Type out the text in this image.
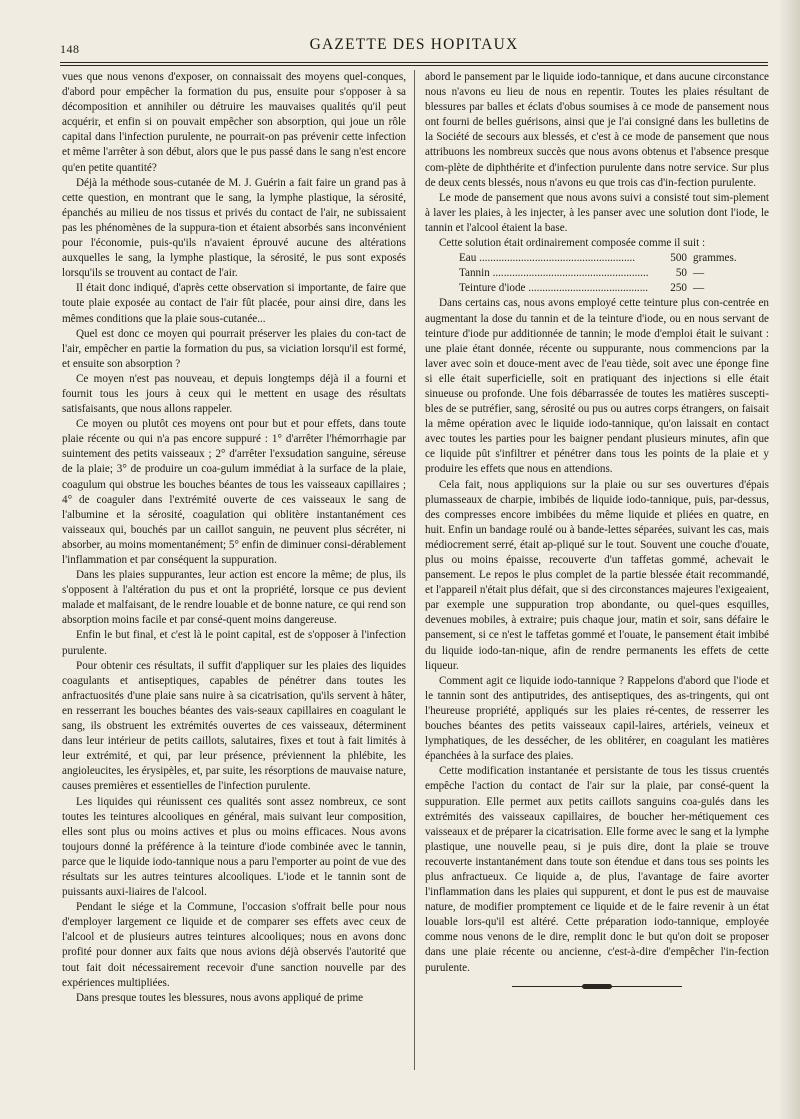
148	GAZETTE DES HOPITAUX

vues que nous venons d'exposer, on connaissait des moyens quel-conques, d'abord pour empêcher la formation du pus, ensuite pour s'opposer à sa décomposition et annihiler ou détruire les mauvaises qualités qu'il peut acquérir, et enfin si on pouvait empêcher son absorption, qui joue un rôle capital dans l'infection purulente, ne pourrait-on pas prévenir cette infection et même l'arrêter à son début, alors que le pus passé dans le sang n'est encore qu'en petite quantité?

Déjà la méthode sous-cutanée de M. J. Guérin a fait faire un grand pas à cette question, en montrant que le sang, la lymphe plastique, la sérosité, épanchés au milieu de nos tissus et privés du contact de l'air, ne subissaient pas les phénomènes de la suppura-tion et étaient absorbés sans inconvénient pour l'économie, puis-qu'ils n'avaient éprouvé aucune des altérations auxquelles le sang, la lymphe plastique, la sérosité, le pus sont exposés lorsqu'ils se trouvent au contact de l'air.

Il était donc indiqué, d'après cette observation si importante, de faire que toute plaie exposée au contact de l'air fût placée, pour ainsi dire, dans les mêmes conditions que la plaie sous-cutanée...

Quel est donc ce moyen qui pourrait préserver les plaies du con-tact de l'air, empêcher en partie la formation du pus, sa viciation lorsqu'il est formé, et ensuite son absorption ?

Ce moyen n'est pas nouveau, et depuis longtemps déjà il a fourni et fournit tous les jours à ceux qui le mettent en usage des résultats satisfaisants, que nous allons rappeler.

Ce moyen ou plutôt ces moyens ont pour but et pour effets, dans toute plaie récente ou qui n'a pas encore suppuré : 1° d'arrêter l'hémorrhagie par suintement des petits vaisseaux ; 2° d'arrêter l'exsudation sanguine, séreuse de la plaie; 3° de produire un coa-gulum immédiat à la surface de la plaie, coagulum qui obstrue les bouches béantes de tous les vaisseaux capillaires ; 4° de coaguler dans l'extrémité ouverte de ces vaisseaux le sang de l'albumine et la sérosité, coagulation qui oblitère instantanément ces vaisseaux qui, bouchés par un caillot sanguin, ne peuvent plus sécréter, ni absorber, au moins momentanément; 5° enfin de diminuer consi-dérablement l'inflammation et par conséquent la suppuration.

Dans les plaies suppurantes, leur action est encore la même; de plus, ils s'opposent à l'altération du pus et ont la propriété, lorsque ce pus devient malade et malfaisant, de le rendre louable et de bonne nature, ce qui rend son absorption moins facile et par consé-quent moins dangereuse.

Enfin le but final, et c'est là le point capital, est de s'opposer à l'infection purulente.

Pour obtenir ces résultats, il suffit d'appliquer sur les plaies des liquides coagulants et antiseptiques, capables de pénétrer dans toutes les anfractuosités d'une plaie sans nuire à sa cicatrisation, qu'ils servent à hâter, en resserrant les bouches béantes des vais-seaux capillaires en coagulant le sang, ils obstruent les extrémités ouvertes de ces vaisseaux, déterminent dans leur intérieur de petits caillots, salutaires, fixes et tout à fait limités à leur extrémité, et qui, par leur présence, préviennent la phlébite, les angioleucites, les érysipèles, et, par suite, les résorptions de mauvaise nature, causes premières et essentielles de l'infection purulente.

Les liquides qui réunissent ces qualités sont assez nombreux, ce sont toutes les teintures alcooliques en général, mais suivant leur composition, elles sont plus ou moins actives et plus ou moins efficaces. Nous avons toujours donné la préférence à la teinture d'iode combinée avec le tannin, parce que le liquide iodo-tannique nous a paru l'emporter au point de vue des résultats sur les autres teintures alcooliques. L'iode et le tannin sont de puissants auxi-liaires de l'alcool.

Pendant le siége et la Commune, l'occasion s'offrait belle pour nous d'employer largement ce liquide et de comparer ses effets avec ceux de l'alcool et de plusieurs autres teintures alcooliques; nous en avons donc profité pour donner aux faits que nous avions déjà observés l'autorité que tout fait doit nécessairement recevoir d'une sanction nouvelle par des expériences multipliées.

Dans presque toutes les blessures, nous avons appliqué de prime

abord le pansement par le liquide iodo-tannique, et dans aucune circonstance nous n'avons eu lieu de nous en repentir. Toutes les plaies résultant de blessures par balles et éclats d'obus soumises à ce mode de pansement nous ont fourni de belles guérisons, ainsi que je l'ai consigné dans les bulletins de la Société de secours aux blessés, et c'est à ce mode de pansement que nous attribuons les nombreux succès que nous avons obtenus et l'absence presque com-plète de diphthérite et d'infection purulente dans notre service. Sur plus de deux cents blessés, nous n'avons eu que trois cas d'in-fection purulente.

Le mode de pansement que nous avons suivi a consisté tout sim-plement à laver les plaies, à les injecter, à les panser avec une solution dont l'iode, le tannin et l'alcool étaient la base.

Cette solution était ordinairement composée comme il suit :

Eau .....	500 grammes.
Tannin .....	50 —
Teinture d'iode .....	250 —

Dans certains cas, nous avons employé cette teinture plus con-centrée en augmentant la dose du tannin et de la teinture d'iode, ou en nous servant de teinture d'iode pur additionnée de tannin; le mode d'emploi était le suivant : une plaie étant donnée, récente ou suppurante, nous commencions par la laver avec soin et douce-ment avec de l'eau tiède, soit avec une éponge fine si elle était superficielle, soit en pratiquant des injections si elle était sinueuse ou profonde. Une fois débarrassée de toutes les matières suscepti-bles de se putréfier, sang, sérosité ou pus ou autres corps étrangers, on faisait la même opération avec le liquide iodo-tannique, qu'on laissait en contact avec toutes les parties pour les baigner pendant plusieurs minutes, afin que ce liquide pût s'infiltrer et pénétrer dans tous les points de la plaie et y produire les effets que nous en attendions.

Cela fait, nous appliquions sur la plaie ou sur ses ouvertures d'épais plumasseaux de charpie, imbibés de liquide iodo-tannique, puis, par-dessus, des compresses encore imbibées du même liquide et pliées en quatre, en huit. Enfin un bandage roulé ou à bande-lettes séparées, suivant les cas, mais médiocrement serré, était ap-pliqué sur le tout. Souvent une couche d'ouate, plus ou moins épaisse, recouverte d'un taffetas gommé, achevait le pansement. Le repos le plus complet de la partie blessée était recommandé, et l'appareil n'était plus défait, que si des circonstances majeures l'exigeaient, par exemple une suppuration trop abondante, ou quel-ques esquilles, devenues mobiles, à extraire; puis chaque jour, matin et soir, sans défaire le pansement, si ce n'est le taffetas gommé et l'ouate, le pansement était imbibé du liquide iodo-tan-nique, afin de rendre permanents les effets de cette liqueur.

Comment agit ce liquide iodo-tannique ? Rappelons d'abord que l'iode et le tannin sont des antiputrides, des antiseptiques, des as-tringents, qui ont l'heureuse propriété, appliqués sur les plaies ré-centes, de resserrer les bouches béantes des petits vaisseaux capil-laires, artériels, veineux et lymphatiques, de les dessécher, de les oblitérer, en coagulant les matières épanchées à la surface des plaies.

Cette modification instantanée et persistante de tous les tissus cruentés empêche l'action du contact de l'air sur la plaie, par consé-quent la suppuration. Elle permet aux petits caillots sanguins coa-gulés dans les extrémités des vaisseaux capillaires, de boucher her-métiquement ces vaisseaux et de préparer la cicatrisation. Elle forme avec le sang et la lymphe plastique, une nouvelle peau, si je puis dire, dont la plaie se trouve recouverte instantanément dans toute son étendue et dans tous ses points les plus anfractueux. Ce liquide a, de plus, l'avantage de faire avorter l'inflammation dans les plaies qui suppurent, et dont le pus est de mauvaise nature, de modifier promptement ce liquide et de le faire revenir à un état louable lors-qu'il est altéré. Cette préparation iodo-tannique, employée comme nous venons de le dire, remplit donc le but qu'on doit se proposer dans une plaie récente ou ancienne, c'est-à-dire d'empêcher l'in-fection purulente.
